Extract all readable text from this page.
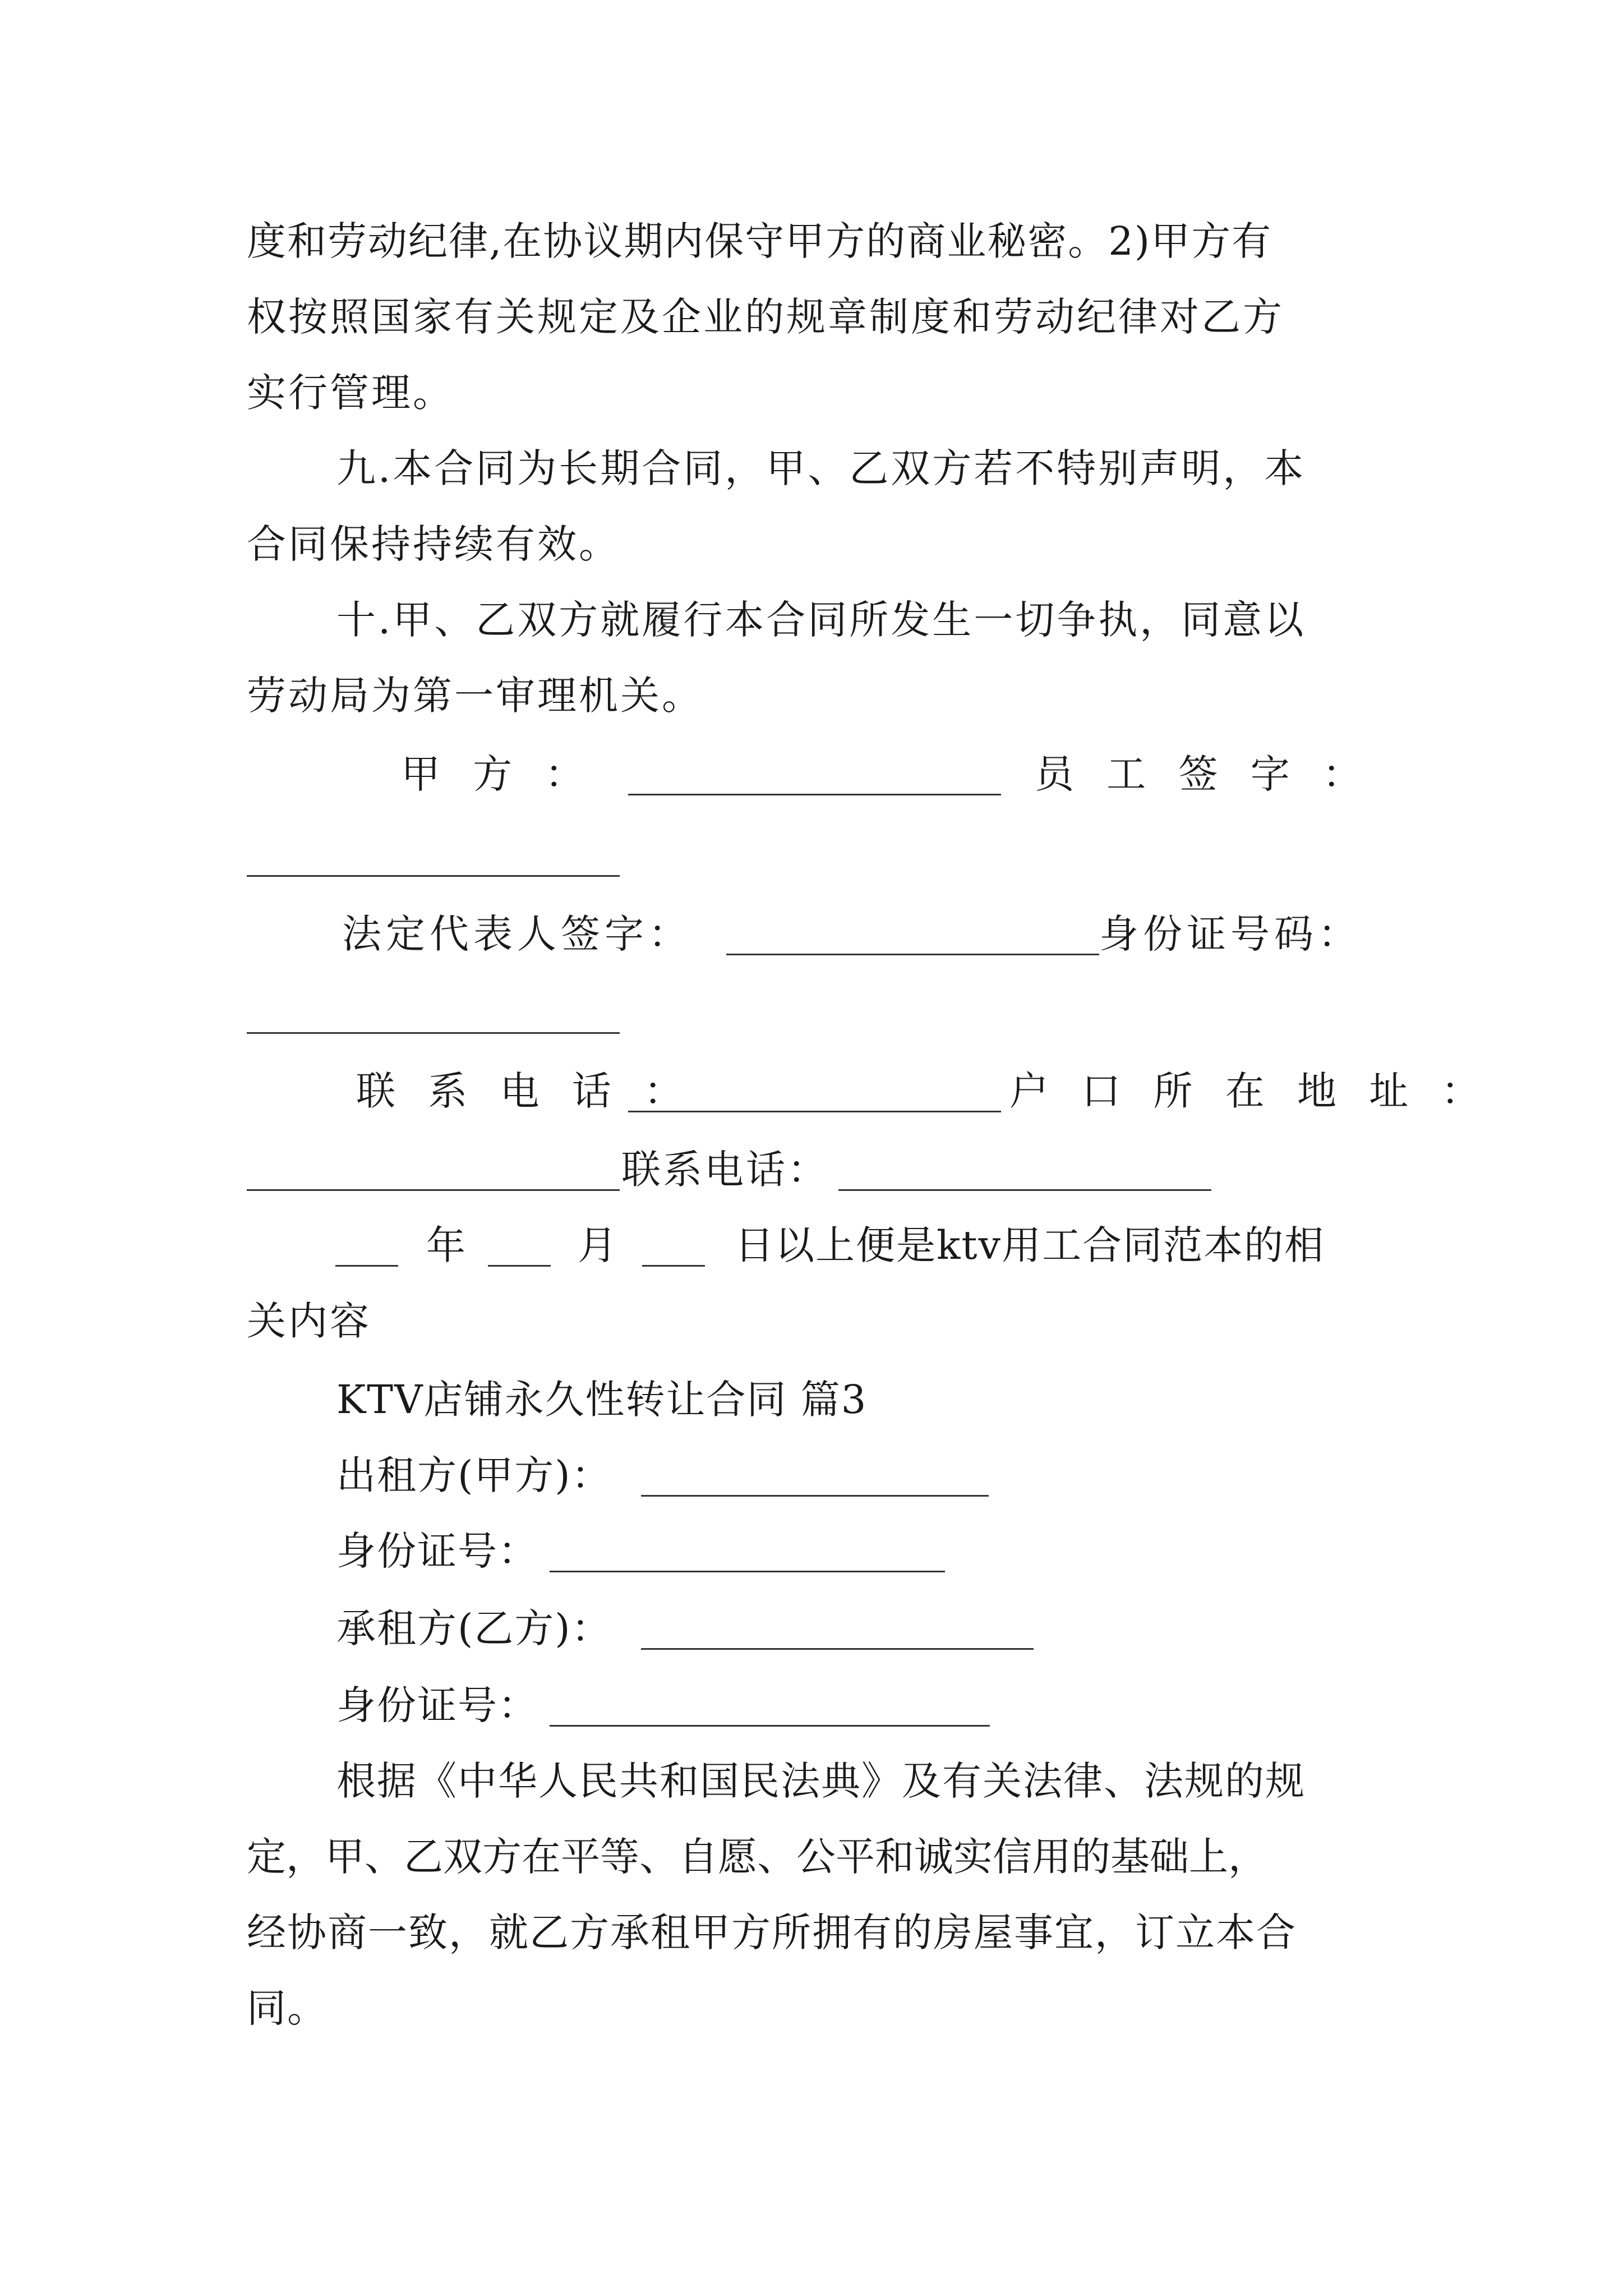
度和劳动纪律,在协议期内保守甲方的商业秘密。2)甲方有
权按照国家有关规定及企业的规章制度和劳动纪律对乙方
实行管理。
九.本合同为长期合同，甲、乙双方若不特别声明，本
合同保持持续有效。
十.甲、乙双方就履行本合同所发生一切争执，同意以
劳动局为第一审理机关。
甲 方 ：	员 工 签 字 ：
法定代表人签字：	身份证号码：
联 系 电 话 ：	户 口 所 在 地 址 ：
联系电话：
年	月	日以上便是ktv用工合同范本的相
关内容
KTV店铺永久性转让合同 篇3
出租方(甲方)：
身份证号：
承租方(乙方)：
身份证号：
根据《中华人民共和国民法典》及有关法律、法规的规
定，甲、乙双方在平等、自愿、公平和诚实信用的基础上，
经协商一致，就乙方承租甲方所拥有的房屋事宜，订立本合
同。
